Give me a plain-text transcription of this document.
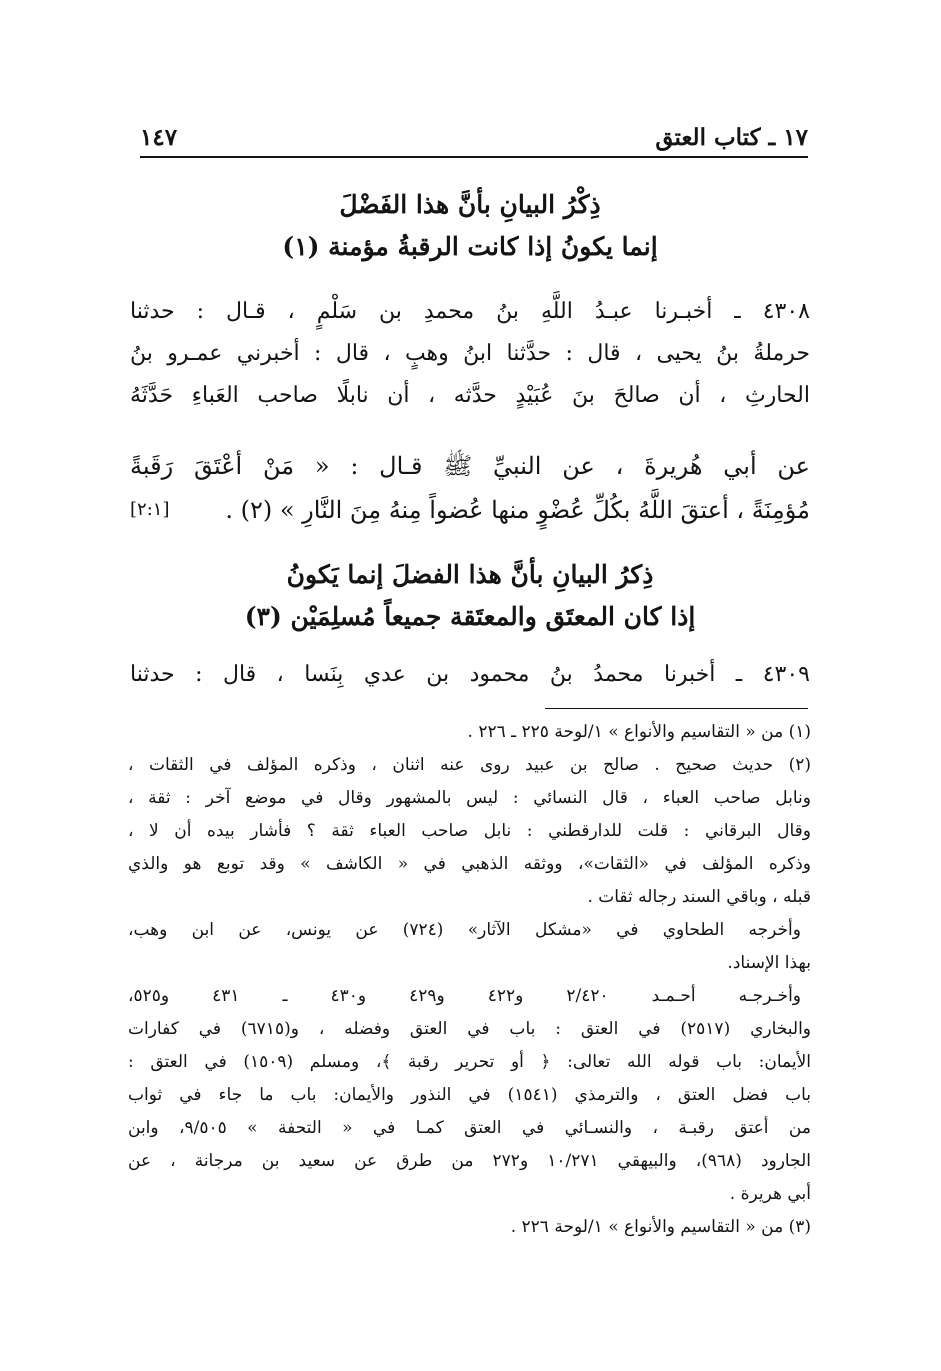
١٧ ـ كتاب العتق
١٤٧
ذِكْرُ البيانِ بأنَّ هذا الفَضْلَ
إنما يكونُ إذا كانت الرقبةُ مؤمنة (١)
٤٣٠٨ ـ أخبـرنا عبـدُ اللَّهِ بنُ محمدِ بن سَلْمٍ ، قـال : حدثنا
حرملةُ بنُ يحيى ، قال : حدَّثنا ابنُ وهبٍ ، قال : أخبرني عمـرو بنُ
الحارثِ ، أن صالحَ بنَ عُبَيْدٍ حدَّثه ، أن نابلًا صاحب العَباءِ حَدَّثَهُ
عن أبي هُريرةَ ، عن النبيِّ ﷺ قـال : « مَنْ أعْتَقَ رَقَبةً
مُؤمِنَةً ، أعتقَ اللَّهُ بكُلِّ عُضْوٍ منها عُضواً مِنهُ مِنَ النَّارِ » (٢) .
[٢:١]
ذِكرُ البيانِ بأنَّ هذا الفضلَ إنما يَكونُ
إذا كان المعتَق والمعتَقة جميعاً مُسلِمَيْن (٣)
٤٣٠٩ ـ أخبرنا محمدُ بنُ محمود بن عدي بِنَسا ، قال : حدثنا
(١) من « التقاسيم والأنواع » ١/لوحة ٢٢٥ ـ ٢٢٦ .
(٢) حديث صحيح . صالح بن عبيد روى عنه اثنان ، وذكره المؤلف في الثقات ،
ونابل صاحب العباء ، قال النسائي : ليس بالمشهور وقال في موضع آخر : ثقة ،
وقال البرقاني : قلت للدارقطني : نابل صاحب العباء ثقة ؟ فأشار بيده أن لا ،
وذكره المؤلف في «الثقات»، ووثقه الذهبي في « الكاشف » وقد توبع هو والذي
قبله ، وباقي السند رجاله ثقات .
وأخرجه الطحاوي في «مشكل الآثار» (٧٢٤) عن يونس، عن ابن وهب،
بهذا الإسناد.
وأخـرجـه أحـمـد ٢/٤٢٠ و٤٢٢ و٤٢٩ و٤٣٠ ـ ٤٣١ و٥٢٥،
والبخاري (٢٥١٧) في العتق : باب في العتق وفضله ، و(٦٧١٥) في كفارات
الأيمان: باب قوله الله تعالى: ﴿ أو تحرير رقبة ﴾، ومسلم (١٥٠٩) في العتق :
باب فضل العتق ، والترمذي (١٥٤١) في النذور والأيمان: باب ما جاء في ثواب
من أعتق رقبـة ، والنسـائي في العتق كمـا في « التحفة » ٩/٥٠٥، وابن
الجارود (٩٦٨)، والبيهقي ١٠/٢٧١ و٢٧٢ من طرق عن سعيد بن مرجانة ، عن
أبي هريرة .
(٣) من « التقاسيم والأنواع » ١/لوحة ٢٢٦ .
